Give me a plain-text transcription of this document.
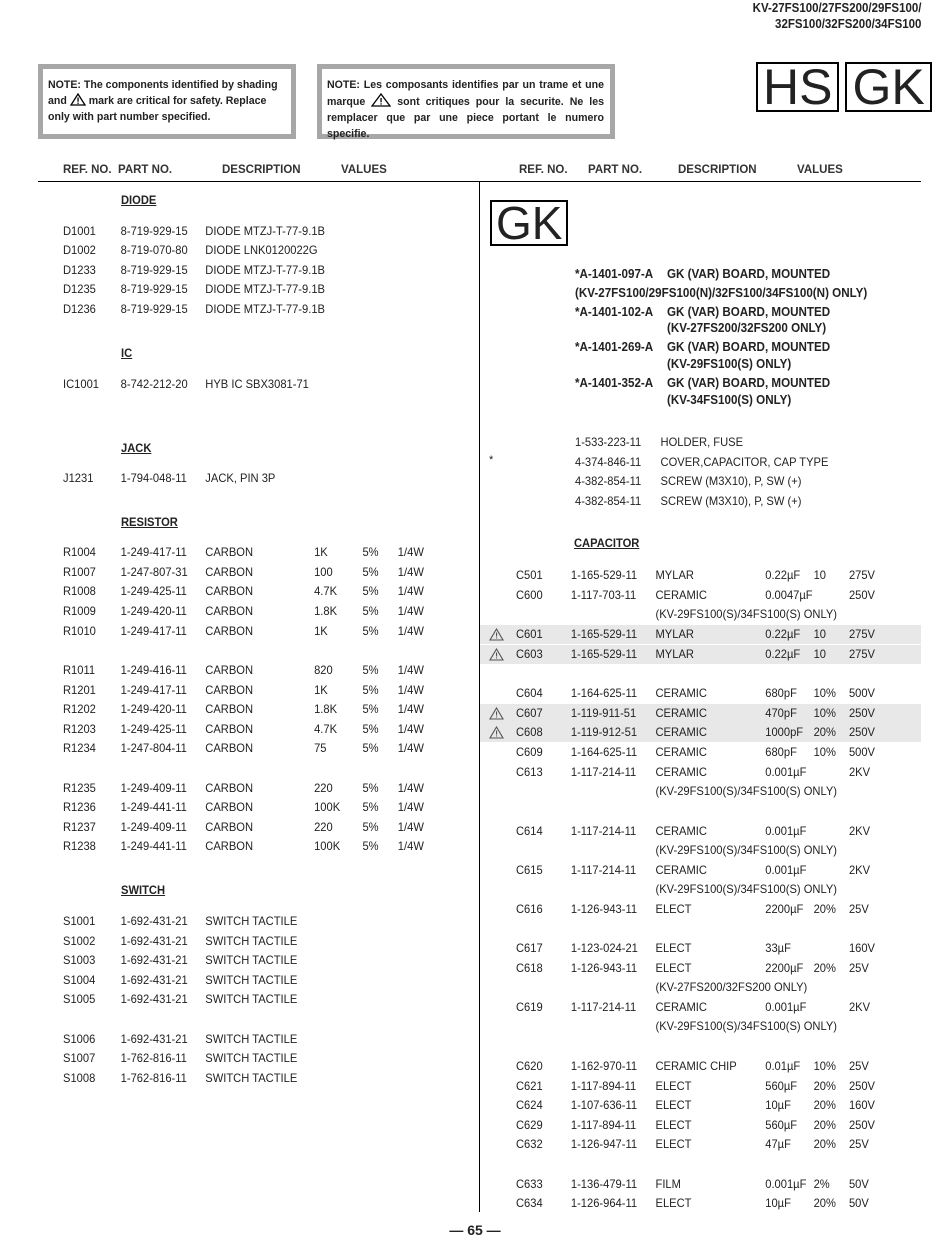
KV-27FS100/27FS200/29FS100/
32FS100/32FS200/34FS100
NOTE: The components identified by shading and mark are critical for safety. Replace only with part number specified.
NOTE: Les composants identifies par un trame et une marque	sont critiques pour la securite. Ne les remplacer que par une piece portant le numero specifie.
HS GK
REF. NO. PART NO.	DESCRIPTION	VALUES	REF. NO. PART NO.	DESCRIPTION	VALUES
DIODE
IC
JACK
RESISTOR
SWITCH
D1001 8-719-929-15 DIODE MTZJ-T-77-9.1B
D1002 8-719-070-80 DIODE LNK0120022G
D1233 8-719-929-15 DIODE MTZJ-T-77-9.1B
D1235 8-719-929-15 DIODE MTZJ-T-77-9.1B
D1236 8-719-929-15 DIODE MTZJ-T-77-9.1B
IC1001 8-742-212-20 HYB IC SBX3081-71
J1231 1-794-048-11 JACK, PIN 3P
R1004 1-249-417-11 CARBON	1K	5% 1/4W
R1007 1-247-807-31 CARBON	100 5% 1/4W
R1008 1-249-425-11 CARBON	4.7K 5% 1/4W
R1009 1-249-420-11 CARBON	1.8K 5% 1/4W
R1010 1-249-417-11 CARBON	1K	5% 1/4W
R1011 1-249-416-11 CARBON	820 5% 1/4W
R1201 1-249-417-11 CARBON	1K	5% 1/4W
R1202 1-249-420-11 CARBON	1.8K 5% 1/4W
R1203 1-249-425-11 CARBON	4.7K 5% 1/4W
R1234 1-247-804-11 CARBON	75	5% 1/4W
R1235 1-249-409-11 CARBON	220 5% 1/4W
R1236 1-249-441-11 CARBON	100K 5% 1/4W
R1237 1-249-409-11 CARBON	220 5% 1/4W
R1238 1-249-441-11 CARBON	100K 5% 1/4W
S1001 1-692-431-21 SWITCH TACTILE
S1002 1-692-431-21 SWITCH TACTILE
S1003 1-692-431-21 SWITCH TACTILE
S1004 1-692-431-21 SWITCH TACTILE
S1005 1-692-431-21 SWITCH TACTILE
S1006 1-692-431-21 SWITCH TACTILE
S1007 1-762-816-11 SWITCH TACTILE
S1008 1-762-816-11 SWITCH TACTILE
GK
*A-1401-097-A GK (VAR) BOARD, MOUNTED
(KV-27FS100/29FS100(N)/32FS100/34FS100(N) ONLY)
*A-1401-102-A GK (VAR) BOARD, MOUNTED
(KV-27FS200/32FS200 ONLY)
*A-1401-269-A GK (VAR) BOARD, MOUNTED
(KV-29FS100(S) ONLY)
*A-1401-352-A GK (VAR) BOARD, MOUNTED
(KV-34FS100(S) ONLY)
1-533-223-11 HOLDER, FUSE
*	4-374-846-11 COVER,CAPACITOR, CAP TYPE
4-382-854-11 SCREW (M3X10), P, SW (+)
4-382-854-11 SCREW (M3X10), P, SW (+)
CAPACITOR
C501 1-165-529-11 MYLAR	0.22µF 10 275V
C600 1-117-703-11 CERAMIC	0.0047µF	250V
(KV-29FS100(S)/34FS100(S) ONLY)
C601 1-165-529-11 MYLAR	0.22µF 10 275V
C603 1-165-529-11 MYLAR	0.22µF 10 275V
C604 1-164-625-11 CERAMIC	680pF 10% 500V
C607 1-119-911-51 CERAMIC	470pF 10% 250V
C608 1-119-912-51 CERAMIC	1000pF 20% 250V
C609 1-164-625-11 CERAMIC	680pF 10% 500V
C613 1-117-214-11 CERAMIC	0.001µF	2KV
(KV-29FS100(S)/34FS100(S) ONLY)
C614 1-117-214-11 CERAMIC	0.001µF	2KV
(KV-29FS100(S)/34FS100(S) ONLY)
C615 1-117-214-11 CERAMIC	0.001µF	2KV
(KV-29FS100(S)/34FS100(S) ONLY)
C616 1-126-943-11 ELECT	2200µF 20% 25V
C617 1-123-024-21 ELECT	33µF	160V
C618 1-126-943-11 ELECT	2200µF 20% 25V
(KV-27FS200/32FS200 ONLY)
C619 1-117-214-11 CERAMIC	0.001µF	2KV
(KV-29FS100(S)/34FS100(S) ONLY)
C620 1-162-970-11 CERAMIC CHIP 0.01µF 10% 25V
C621 1-117-894-11 ELECT	560µF 20% 250V
C624 1-107-636-11 ELECT	10µF 20% 160V
C629 1-117-894-11 ELECT	560µF 20% 250V
C632 1-126-947-11 ELECT	47µF 20% 25V
C633 1-136-479-11 FILM	0.001µF 2% 50V
C634 1-126-964-11 ELECT	10µF 20% 50V
— 65 —
